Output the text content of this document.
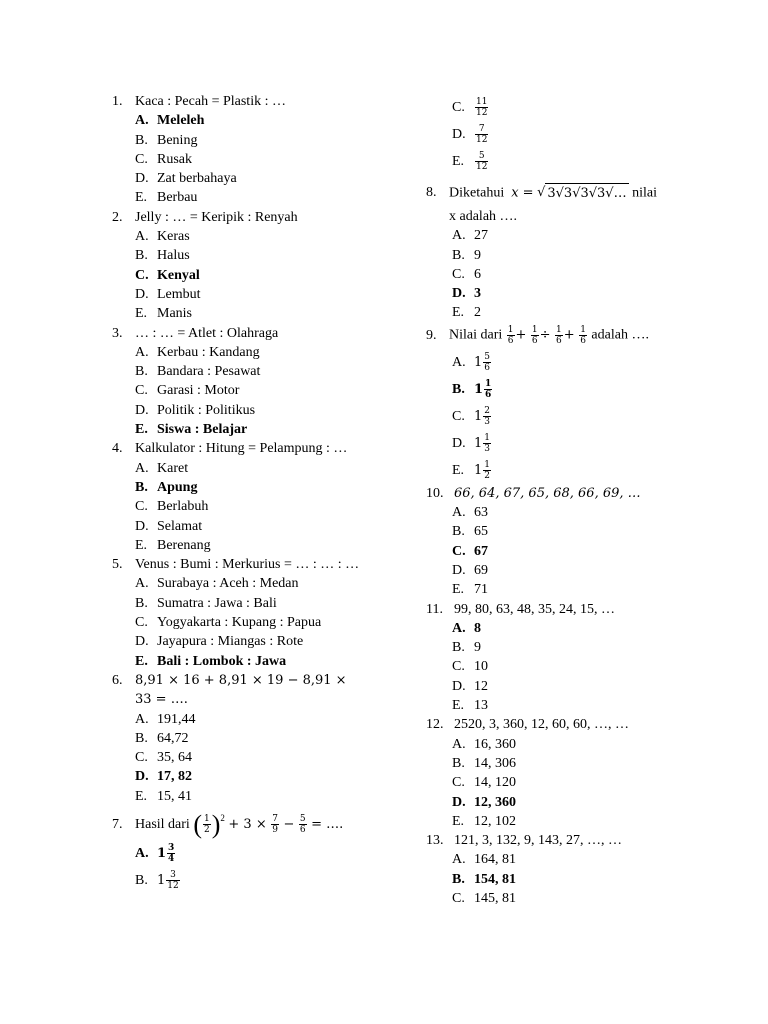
1. Kaca : Pecah = Plastik : …
A. Meleleh
B. Bening
C. Rusak
D. Zat berbahaya
E. Berbau
2. Jelly : … = Keripik : Renyah
A. Keras
B. Halus
C. Kenyal
D. Lembut
E. Manis
3. … : … = Atlet : Olahraga
A. Kerbau : Kandang
B. Bandara : Pesawat
C. Garasi : Motor
D. Politik : Politikus
E. Siswa : Belajar
4. Kalkulator : Hitung = Pelampung : …
A. Karet
B. Apung
C. Berlabuh
D. Selamat
E. Berenang
5. Venus : Bumi : Merkurius = … : … : …
A. Surabaya : Aceh : Medan
B. Sumatra : Jawa : Bali
C. Yogyakarta : Kupang : Papua
D. Jayapura : Miangas : Rote
E. Bali : Lombok : Jawa
6. 8,91 × 16 + 8,91 × 19 − 8,91 × 33 = ….
A. 191,44
B. 64,72
C. 35, 64
D. 17, 82
E. 15, 41
7. Hasil dari ( $\frac{1}{2} )^2 + 3 \times \frac{7}{9} - \frac{5}{6}$ = ….
A. $1 \frac{3}{4}$
B. $1 \frac{3}{12}$
C.	$\frac{11}{12}$
D.	$\frac{7}{12}$
E.	$\frac{5}{12}$
8. Diketahui x = √ 3√3√3√3√… nilai
x adalah ….
A. 27
B. 9
C. 6
D. 3
E. 2
9. Nilai dari $\frac{1}{6} + \frac{1}{6} \div \frac{1}{6} + \frac{1}{6}$ adalah ….
A. $1 \frac{5}{6}$
B. $1 \frac{1}{6}$
C. $1 \frac{2}{3}$
D. $1 \frac{1}{3}$
E. $1 \frac{1}{2}$
10. 66, 64, 67, 65, 68, 66, 69, …
A. 63
B. 65
C. 67
D. 69
E. 71
11. 99, 80, 63, 48, 35, 24, 15, …
A. 8
B. 9
C. 10
D. 12
E. 13
12. 2520, 3, 360, 12, 60, 60, …, …
A. 16, 360
B. 14, 306
C. 14, 120
D. 12, 360
E. 12, 102
13. 121, 3, 132, 9, 143, 27, …, …
A. 164, 81
B. 154, 81
C. 145, 81
